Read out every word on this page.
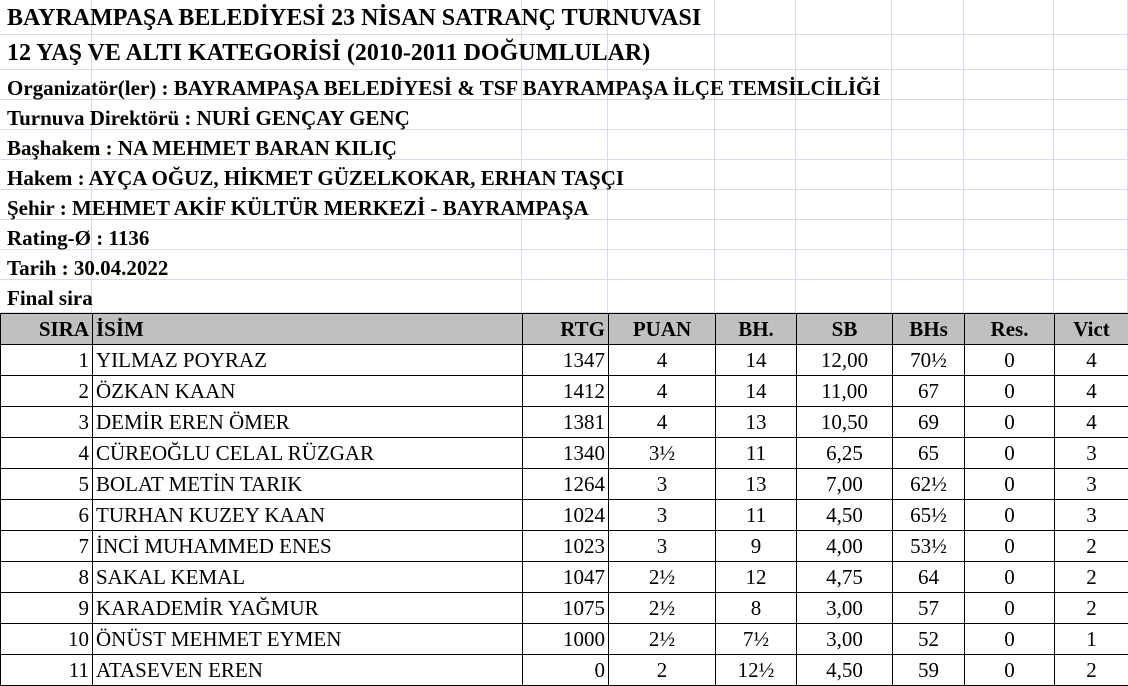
BAYRAMPAŞA BELEDİYESİ 23 NİSAN SATRANÇ TURNUVASI
12 YAŞ VE ALTI KATEGORİSİ (2010-2011 DOĞUMLULAR)
Organizatör(ler) : BAYRAMPAŞA BELEDİYESİ & TSF BAYRAMPAŞA İLÇE TEMSİLCİLİĞİ
Turnuva Direktörü : NURİ GENÇAY GENÇ
Başhakem : NA MEHMET BARAN KILIÇ
Hakem : AYÇA OĞUZ, HİKMET GÜZELKOKAR, ERHAN TAŞÇI
Şehir : MEHMET AKİF KÜLTÜR MERKEZİ - BAYRAMPAŞA
Rating-Ø : 1136
Tarih : 30.04.2022
Final sira
SIRA	İSİM	RTG	PUAN	BH.	SB	BHs	Res.	Vict
1	YILMAZ POYRAZ	1347	4	14	12,00	70½	0	4
2	ÖZKAN KAAN	1412	4	14	11,00	67	0	4
3	DEMİR EREN ÖMER	1381	4	13	10,50	69	0	4
4	CÜREOĞLU CELAL RÜZGAR	1340	3½	11	6,25	65	0	3
5	BOLAT METİN TARIK	1264	3	13	7,00	62½	0	3
6	TURHAN KUZEY KAAN	1024	3	11	4,50	65½	0	3
7	İNCİ MUHAMMED ENES	1023	3	9	4,00	53½	0	2
8	SAKAL KEMAL	1047	2½	12	4,75	64	0	2
9	KARADEMİR YAĞMUR	1075	2½	8	3,00	57	0	2
10	ÖNÜST MEHMET EYMEN	1000	2½	7½	3,00	52	0	1
11	ATASEVEN EREN	0	2	12½	4,50	59	0	2
